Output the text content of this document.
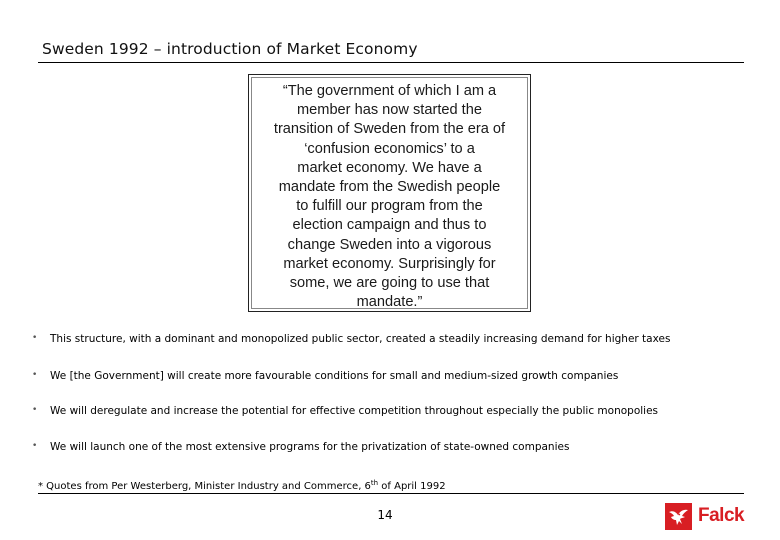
Sweden 1992 – introduction of Market Economy

“The government of which I am a
member has now started the
transition of Sweden from the era of
‘confusion economics’ to a
market economy. We have a
mandate from the Swedish people
to fulfill our program from the
election campaign and thus to
change Sweden into a vigorous
market economy. Surprisingly for
some, we are going to use that
mandate.”

• This structure, with a dominant and monopolized public sector, created a steadily increasing demand for higher taxes
• We [the Government] will create more favourable conditions for small and medium-sized growth companies
• We will deregulate and increase the potential for effective competition throughout especially the public monopolies
• We will launch one of the most extensive programs for the privatization of state-owned companies
* Quotes from Per Westerberg, Minister Industry and Commerce, 6th of April 1992
14	Falck
